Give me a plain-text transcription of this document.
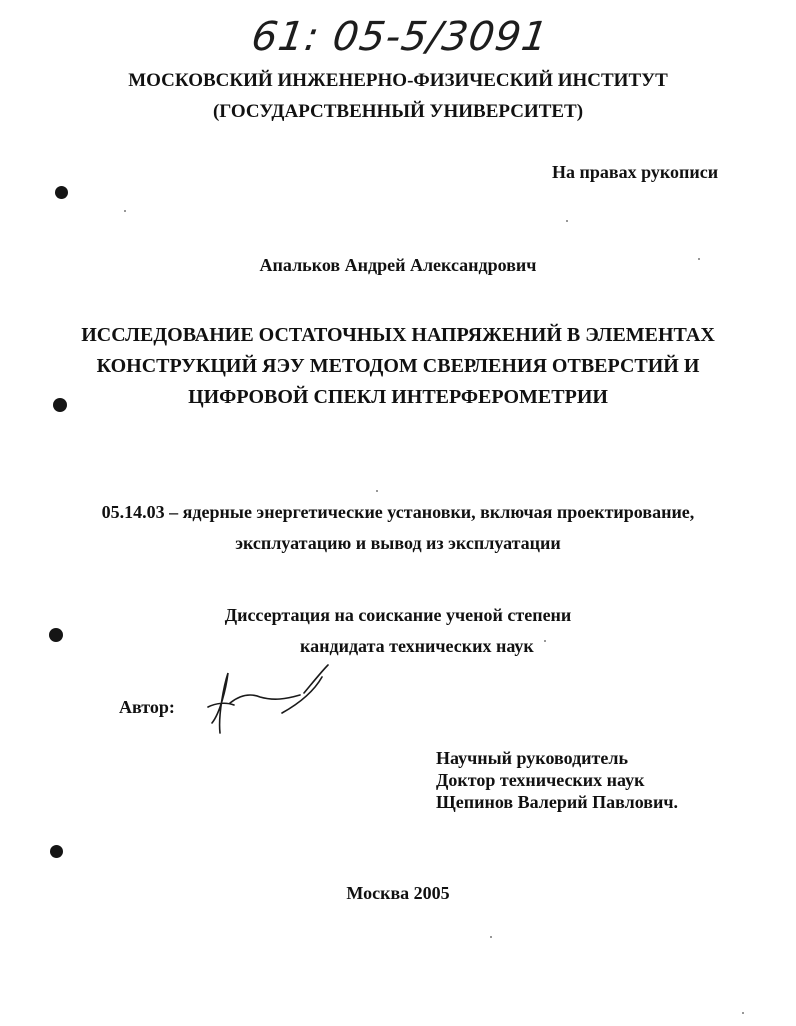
61: 05-5/3091
МОСКОВСКИЙ ИНЖЕНЕРНО-ФИЗИЧЕСКИЙ ИНСТИТУТ
(ГОСУДАРСТВЕННЫЙ УНИВЕРСИТЕТ)
На правах рукописи
Апальков Андрей Александрович
ИССЛЕДОВАНИЕ ОСТАТОЧНЫХ НАПРЯЖЕНИЙ В ЭЛЕМЕНТАХ
КОНСТРУКЦИЙ ЯЭУ МЕТОДОМ СВЕРЛЕНИЯ ОТВЕРСТИЙ И
ЦИФРОВОЙ СПЕКЛ ИНТЕРФЕРОМЕТРИИ
05.14.03 – ядерные энергетические установки, включая проектирование,
эксплуатацию и вывод из эксплуатации
Диссертация на соискание ученой степени
кандидата технических наук
Автор:
Научный руководитель
Доктор технических наук
Щепинов Валерий Павлович.
Москва 2005
